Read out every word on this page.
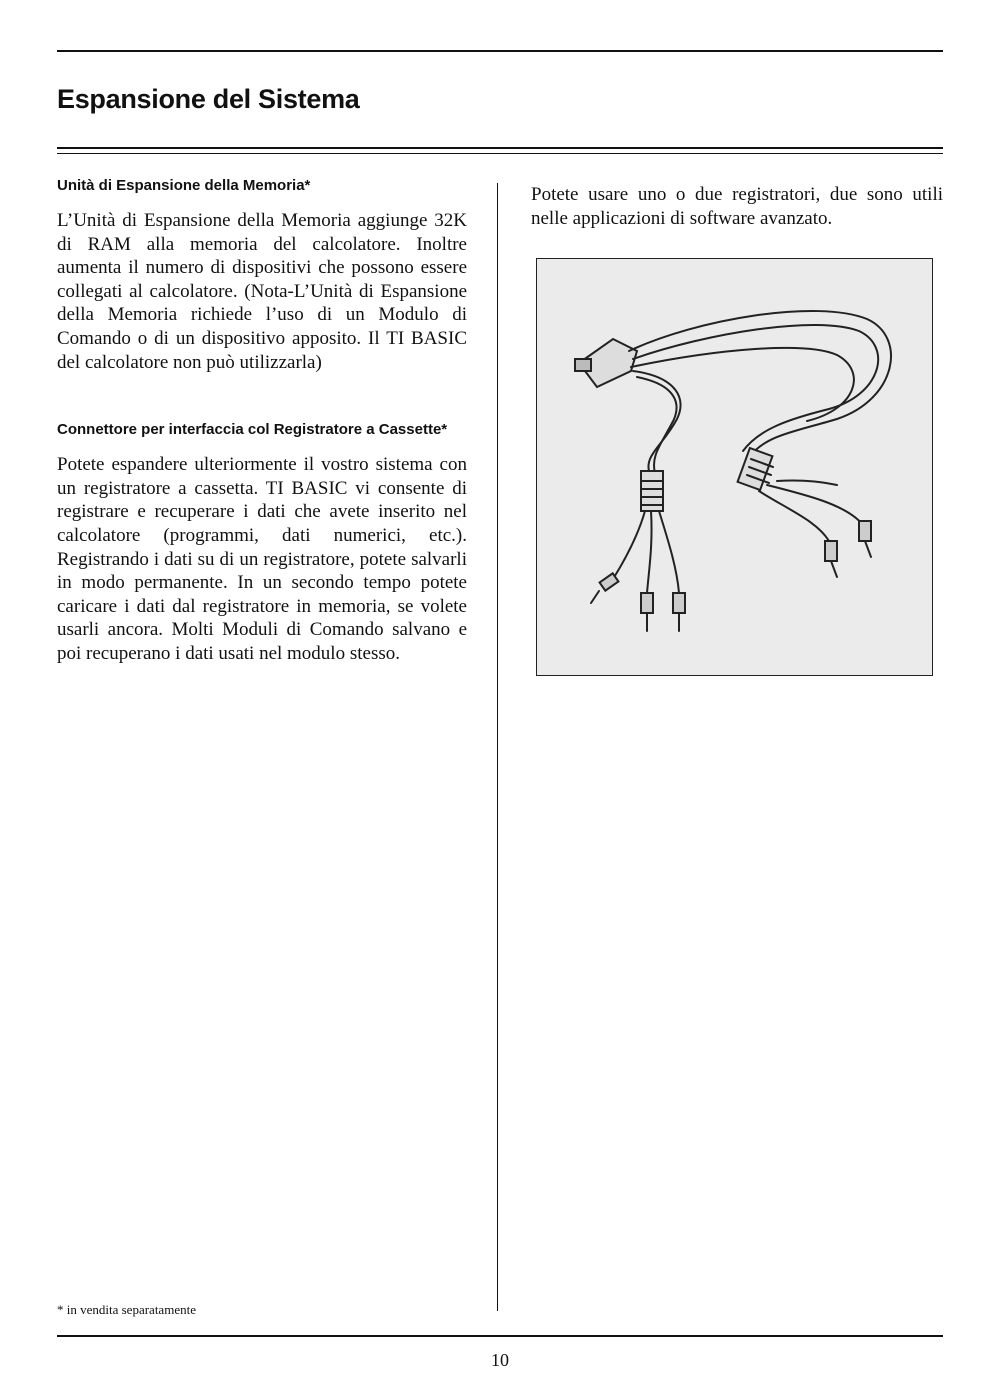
Espansione del Sistema
Unità di Espansione della Memoria*

L’Unità di Espansione della Memoria aggiunge 32K di RAM alla memoria del calcolatore. Inoltre aumenta il numero di dispositivi che possono essere collegati al calcolatore. (Nota-L’Unità di Espansione della Memoria richiede l’uso di un Modulo di Comando o di un dispositivo apposito. Il TI BASIC del calcolatore non può utilizzarla)

Connettore per interfaccia col Registratore a Cassette*

Potete espandere ulteriormente il vostro sistema con un registratore a cassetta. TI BASIC vi consente di registrare e recuperare i dati che avete inserito nel calcolatore (programmi, dati numerici, etc.). Registrando i dati su di un registratore, potete salvarli in modo permanente. In un secondo tempo potete caricare i dati dal registratore in memoria, se volete usarli ancora. Molti Moduli di Comando salvano e poi recuperano i dati usati nel modulo stesso.

Potete usare uno o due registratori, due sono utili nelle applicazioni di software avanzato.

* in vendita separatamente
10
